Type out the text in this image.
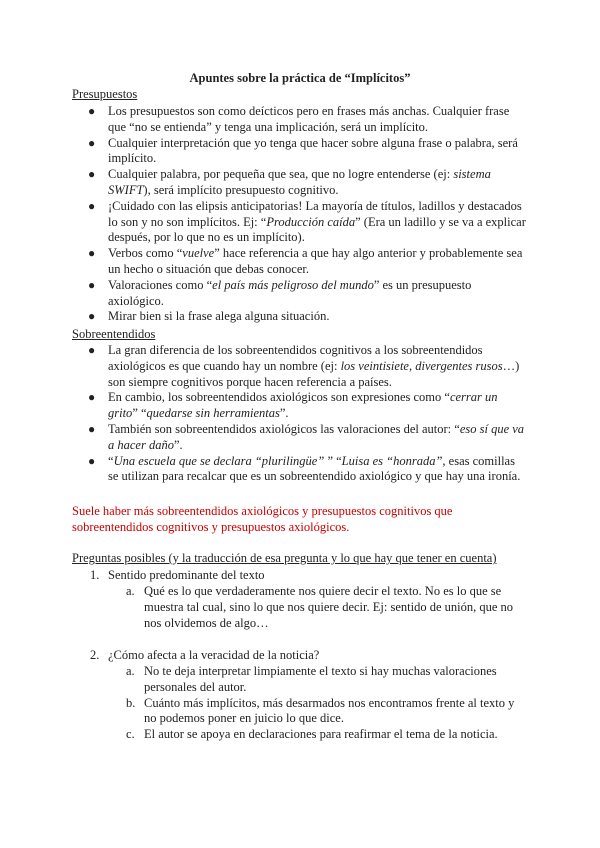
Apuntes sobre la práctica de “Implícitos”
Presupuestos
● Los presupuestos son como deícticos pero en frases más anchas. Cualquier frase que “no se entienda” y tenga una implicación, será un implícito.
● Cualquier interpretación que yo tenga que hacer sobre alguna frase o palabra, será implícito.
● Cualquier palabra, por pequeña que sea, que no logre entenderse (ej: sistema SWIFT), será implícito presupuesto cognitivo.
● ¡Cuidado con las elipsis anticipatorias! La mayoría de títulos, ladillos y destacados lo son y no son implícitos. Ej: “Producción caída” (Era un ladillo y se va a explicar después, por lo que no es un implícito).
● Verbos como “vuelve” hace referencia a que hay algo anterior y probablemente sea un hecho o situación que debas conocer.
● Valoraciones como “el país más peligroso del mundo” es un presupuesto axiológico.
● Mirar bien si la frase alega alguna situación.
Sobreentendidos
● La gran diferencia de los sobreentendidos cognitivos a los sobreentendidos axiológicos es que cuando hay un nombre (ej: los veintisiete, divergentes rusos…) son siempre cognitivos porque hacen referencia a países.
● En cambio, los sobreentendidos axiológicos son expresiones como “cerrar un grito” “quedarse sin herramientas”.
● También son sobreentendidos axiológicos las valoraciones del autor: “eso sí que va a hacer daño”.
● “Una escuela que se declara “plurilingüe” ” “Luisa es “honrada”, esas comillas se utilizan para recalcar que es un sobreentendido axiológico y que hay una ironía.
Suele haber más sobreentendidos axiológicos y presupuestos cognitivos que sobreentendidos cognitivos y presupuestos axiológicos.
Preguntas posibles (y la traducción de esa pregunta y lo que hay que tener en cuenta)
1. Sentido predominante del texto
a. Qué es lo que verdaderamente nos quiere decir el texto. No es lo que se muestra tal cual, sino lo que nos quiere decir. Ej: sentido de unión, que no nos olvidemos de algo…
2. ¿Cómo afecta a la veracidad de la noticia?
a. No te deja interpretar limpiamente el texto si hay muchas valoraciones personales del autor.
b. Cuánto más implícitos, más desarmados nos encontramos frente al texto y no podemos poner en juicio lo que dice.
c. El autor se apoya en declaraciones para reafirmar el tema de la noticia.
